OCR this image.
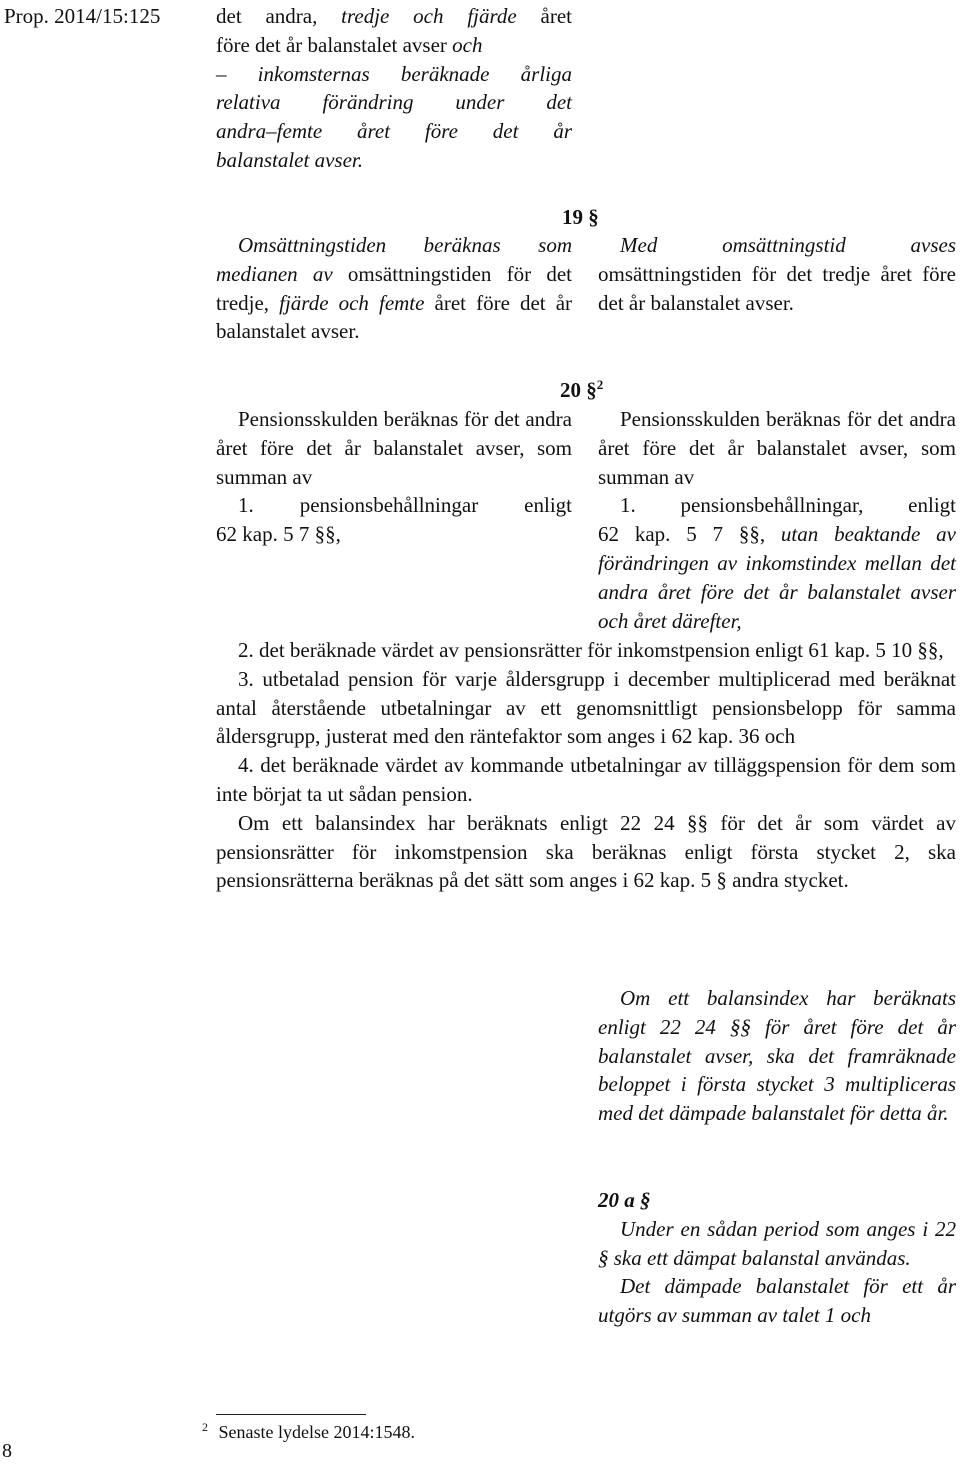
Prop. 2014/15:125	det andra, tredje och fjärde året

före det år balanstalet avser och

– inkomsternas beräknade årliga

relativa förändring under det

andra–femte året före det år

balanstalet avser.

19 §
Omsättningstiden beräknas som medianen av omsättningstiden för det tredje, fjärde och femte året före det år balanstalet avser.
Med omsättningstid avses omsättningstiden för det tredje året före det år balanstalet avser.
20 §$^2$

Pensionsskulden beräknas för det andra året före det år balanstalet avser, som summan av

1. pensionsbehållningar enligt

62 kap. 5 7 §§,

Pensionsskulden beräknas för det andra året före det år balanstalet avser, som summan av

1. pensionsbehållningar, enligt

62 kap. 5 7 §§, utan beaktande av förändringen av inkomstindex mellan det andra året före det år balanstalet avser och året därefter,

2. det beräknade värdet av pensionsrätter för inkomstpension enligt 61 kap. 5 10 §§,

3. utbetalad pension för varje åldersgrupp i december multiplicerad med beräknat antal återstående utbetalningar av ett genomsnittligt pensionsbelopp för samma åldersgrupp, justerat med den räntefaktor som anges i 62 kap. 36 och

4. det beräknade värdet av kommande utbetalningar av tilläggspension för dem som inte börjat ta ut sådan pension.

Om ett balansindex har beräknats enligt 22 24 §§ för det år som värdet av pensionsrätter för inkomstpension ska beräknas enligt första stycket 2, ska pensionsrätterna beräknas på det sätt som anges i 62 kap. 5 § andra stycket.

Om ett balansindex har beräknats enligt 22 24 §§ för året före det år balanstalet avser, ska det framräknade beloppet i första stycket 3 multipliceras med det dämpade balanstalet för detta år.

20 a §

Under en sådan period som anges i 22 § ska ett dämpat balanstal användas.

Det dämpade balanstalet för ett år utgörs av summan av talet 1 och

$^2$ Senaste lydelse 2014:1548.
8
